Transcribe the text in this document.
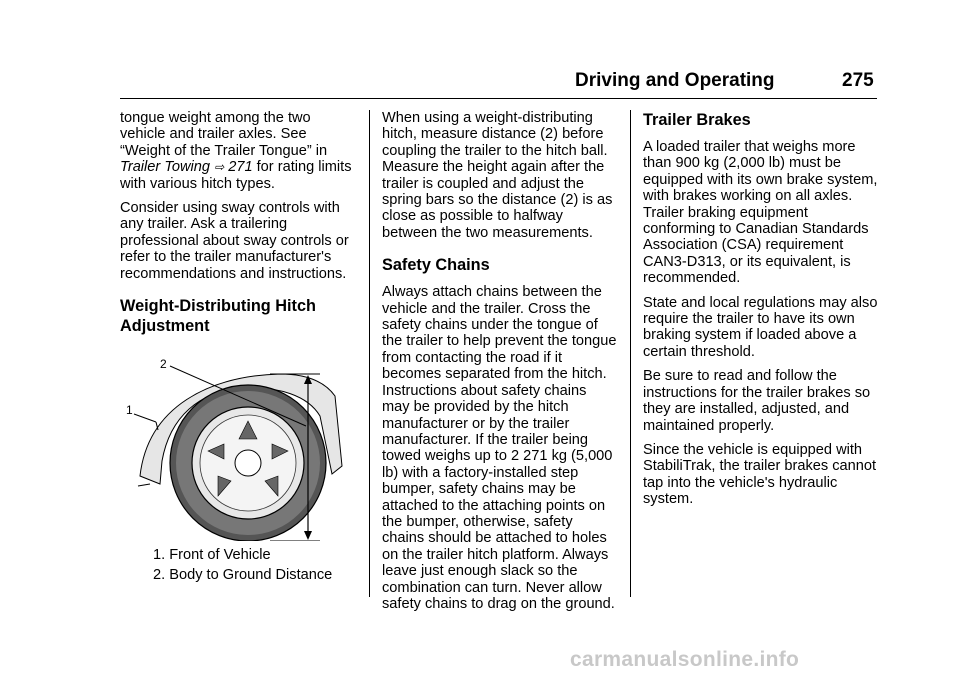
Driving and Operating	275

tongue weight among the two vehicle and trailer axles. See “Weight of the Trailer Tongue” in
Trailer Towing ⇨ 271 for rating limits with various hitch types.

Consider using sway controls with any trailer. Ask a trailering professional about sway controls or refer to the trailer manufacturer's recommendations and instructions.

Weight-Distributing Hitch Adjustment
2
1

1. Front of Vehicle

2. Body to Ground Distance

When using a weight-distributing hitch, measure distance (2) before coupling the trailer to the hitch ball. Measure the height again after the trailer is coupled and adjust the spring bars so the distance (2) is as close as possible to halfway between the two measurements.

Safety Chains

Always attach chains between the vehicle and the trailer. Cross the safety chains under the tongue of the trailer to help prevent the tongue from contacting the road if it becomes separated from the hitch. Instructions about safety chains may be provided by the hitch manufacturer or by the trailer manufacturer. If the trailer being towed weighs up to 2 271 kg (5,000 lb) with a factory-installed step bumper, safety chains may be attached to the attaching points on the bumper, otherwise, safety chains should be attached to holes on the trailer hitch platform. Always leave just enough slack so the combination can turn. Never allow safety chains to drag on the ground.

Trailer Brakes

A loaded trailer that weighs more than 900 kg (2,000 lb) must be equipped with its own brake system, with brakes working on all axles. Trailer braking equipment conforming to Canadian Standards Association (CSA) requirement CAN3-D313, or its equivalent, is recommended.

State and local regulations may also require the trailer to have its own braking system if loaded above a certain threshold.

Be sure to read and follow the instructions for the trailer brakes so they are installed, adjusted, and maintained properly.

Since the vehicle is equipped with StabiliTrak, the trailer brakes cannot tap into the vehicle's hydraulic system.

carmanualsonline.info
